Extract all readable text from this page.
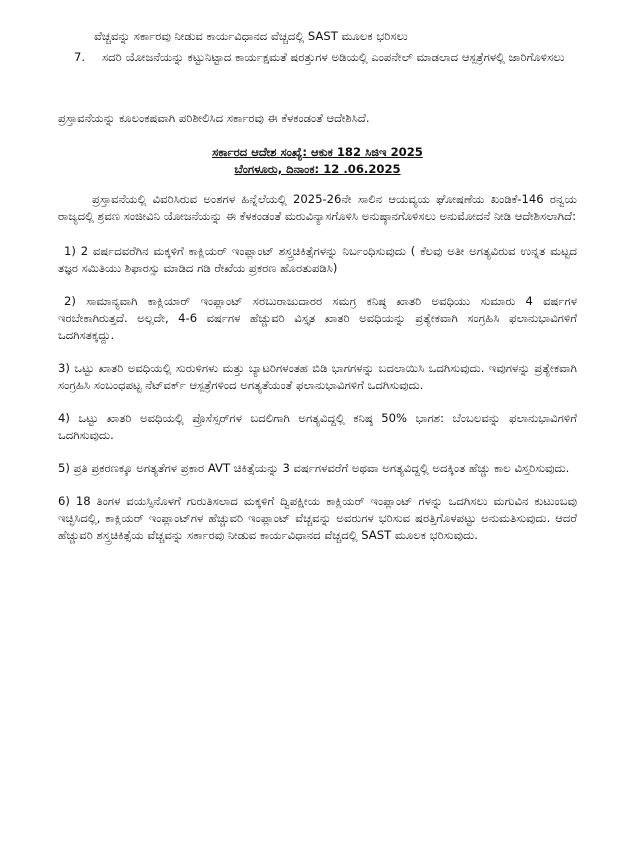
ವೆಚ್ಚವನ್ನು ಸರ್ಕಾರವು ನೀಡುವ ಕಾರ್ಯವಿಧಾನದ ವೆಚ್ಚದಲ್ಲಿ SAST ಮೂಲಕ ಭರಿಸಲು

7.	ಸದರಿ ಯೋಜನೆಯನ್ನು ಕಟ್ಟುನಿಟ್ಟಾದ ಕಾರ್ಯಕ್ಷಮತೆ ಷರತ್ತುಗಳ ಅಡಿಯಲ್ಲಿ ಎಂಪನೇಲ್ ಮಾಡಲಾದ ಆಸ್ಪತ್ರೆಗಳಲ್ಲಿ ಜಾರಿಗೊಳಿಸಲು

ಪ್ರಸ್ತಾವನೆಯನ್ನು ಕೂಲಂಕಷವಾಗಿ ಪರಿಶೀಲಿಸಿದ ಸರ್ಕಾರವು ಈ ಕೆಳಕಂಡಂತೆ ಆದೇಶಿಸಿದೆ.

ಸರ್ಕಾರದ ಆದೇಶ ಸಂಖ್ಯೆ: ಆಕುಕ 182 ಸಿಜಿಇ 2025

ಬೆಂಗಳೂರು, ದಿನಾಂಕ: 12 .06.2025

ಪ್ರಸ್ತಾವನೆಯಲ್ಲಿ ವಿವರಿಸಿರುವ ಅಂಶಗಳ ಹಿನ್ನೆಲೆಯಲ್ಲಿ 2025-26ನೇ ಸಾಲಿನ ಆಯವ್ಯಯ ಘೋಷಣೆಯ ಖಂಡಿಕೆ-146 ರನ್ವಯ ರಾಜ್ಯದಲ್ಲಿ ಶ್ರವಣ ಸಂಜೀವಿನಿ ಯೋಜನೆಯನ್ನು ಈ ಕೆಳಕಂಡಂತೆ ಮರುವಿನ್ಯಾಸಗೊಳಿಸಿ ಅನುಷ್ಠಾನಗೊಳಿಸಲು ಅನುಮೋದನೆ ನೀಡಿ ಆದೇಶಿಸಲಾಗಿದೆ:

1) 2 ವರ್ಷದವರೆಗಿನ ಮಕ್ಕಳಿಗೆ ಕಾಕ್ಲಿಯರ್ ಇಂಪ್ಲಾಂಟ್ ಶಸ್ತ್ರಚಿಕಿತ್ಸೆಗಳನ್ನು ನಿರ್ಬಂಧಿಸುವುದು ( ಕೆಲವು ಅತೀ ಅಗತ್ಯವಿರುವ ಉನ್ನತ ಮಟ್ಟದ ತಜ್ಞರ ಸಮಿತಿಯು ಶಿಫಾರಸ್ಸು ಮಾಡಿದ ಗಡಿ ರೇಖೆಯ ಪ್ರಕರಣ ಹೊರತುಪಡಿಸಿ)

2) ಸಾಮಾನ್ಯವಾಗಿ ಕಾಕ್ಲಿಯಾರ್ ಇಂಪ್ಲಾಂಟ್ ಸರಬುರಾಜುದಾರರ ಸಮಗ್ರ ಕನಿಷ್ಠ ಖಾತರಿ ಅವಧಿಯು ಸುಮಾರು 4 ವರ್ಷಗಳ ಇರಬೇಕಾಗಿರುತ್ತದೆ. ಅಲ್ಲದೇ, 4-6 ವರ್ಷಗಳ ಹೆಚ್ಚುವರಿ ವಿಸ್ತೃತ ಖಾತರಿ ಅವಧಿಯನ್ನು ಪ್ರತ್ಯೇಕವಾಗಿ ಸಂಗ್ರಹಿಸಿ ಫಲಾನುಭಾವಿಗಳಿಗೆ ಒದಗಿಸತಕ್ಕದ್ದು.

3) ಒಟ್ಟು ಖಾತರಿ ಅವಧಿಯಲ್ಲಿ ಸುರುಳಿಗಳು ಮತ್ತು ಬ್ಯಾಟರಿಗಳಂತಹ ಬಿಡಿ ಭಾಗಗಳನ್ನು ಬದಲಾಯಿಸಿ ಒದಗಿಸುವುದು. ಇವುಗಳನ್ನು ಪ್ರತ್ಯೇಕವಾಗಿ ಸಂಗ್ರಹಿಸಿ ಸಂಬಂಧಪಟ್ಟ ನೆಟ್‌ವರ್ಕ್ ಆಸ್ಪತ್ರೆಗಳಿಂದ ಅಗತ್ಯತೆಯಂತೆ ಫಲಾನುಭಾವಿಗಳಿಗೆ ಒದಗಿಸುವುದು.

4) ಒಟ್ಟು ಖಾತರಿ ಅವಧಿಯಲ್ಲಿ ಪ್ರೊಸೆಸ್ಸರ್‌ಗಳ ಬದಲಿಗಾಗಿ ಅಗತ್ಯವಿದ್ದಲ್ಲಿ ಕನಿಷ್ಠ 50% ಭಾಗಶ: ಬೆಂಬಲವನ್ನು ಫಲಾನುಭಾವಿಗಳಿಗೆ ಒದಗಿಸುವುದು.

5) ಪ್ರತಿ ಪ್ರಕರಣಕ್ಕೂ ಅಗತ್ಯತೆಗಳ ಪ್ರಕಾರ AVT ಚಿಕಿತ್ಸೆಯನ್ನು 3 ವರ್ಷಗಳವರೆಗೆ ಅಥವಾ ಅಗತ್ಯವಿದ್ದಲ್ಲಿ ಅದಕ್ಕಿಂತ ಹೆಚ್ಚು ಕಾಲ ವಿಸ್ತರಿಸುವುದು.

6) 18 ತಿಂಗಳ ವಯಸ್ಸಿನೊಳಗೆ ಗುರುತಿಸಲಾದ ಮಕ್ಕಳಿಗೆ ದ್ವಿಪಕ್ಷೀಯ ಕಾಕ್ಲಿಯರ್ ಇಂಪ್ಲಾಂಟ್ ಗಳನ್ನು ಒದಗಿಸಲು ಮಗುವಿನ ಕುಟುಂಬವು ಇಚ್ಛಿಸಿದಲ್ಲಿ, ಕಾಕ್ಲಿಯರ್ ಇಂಪ್ಲಾಂಟ್‌ಗಳ ಹೆಚ್ಚುವರಿ ಇಂಪ್ಲಾಂಟ್ ವೆಚ್ಚವನ್ನು ಅವರುಗಳ ಭರಿಸುವ ಷರತ್ತಿಗೊಳಪಟ್ಟು ಅನುಮತಿಸುವುದು. ಆದರೆ ಹೆಚ್ಚುವರಿ ಶಸ್ತ್ರಚಿಕಿತ್ಸೆಯ ವೆಚ್ಚವನ್ನು ಸರ್ಕಾರವು ನೀಡುವ ಕಾರ್ಯವಿಧಾನದ ವೆಚ್ಚದಲ್ಲಿ SAST ಮೂಲಕ ಭರಿಸುವುದು.
